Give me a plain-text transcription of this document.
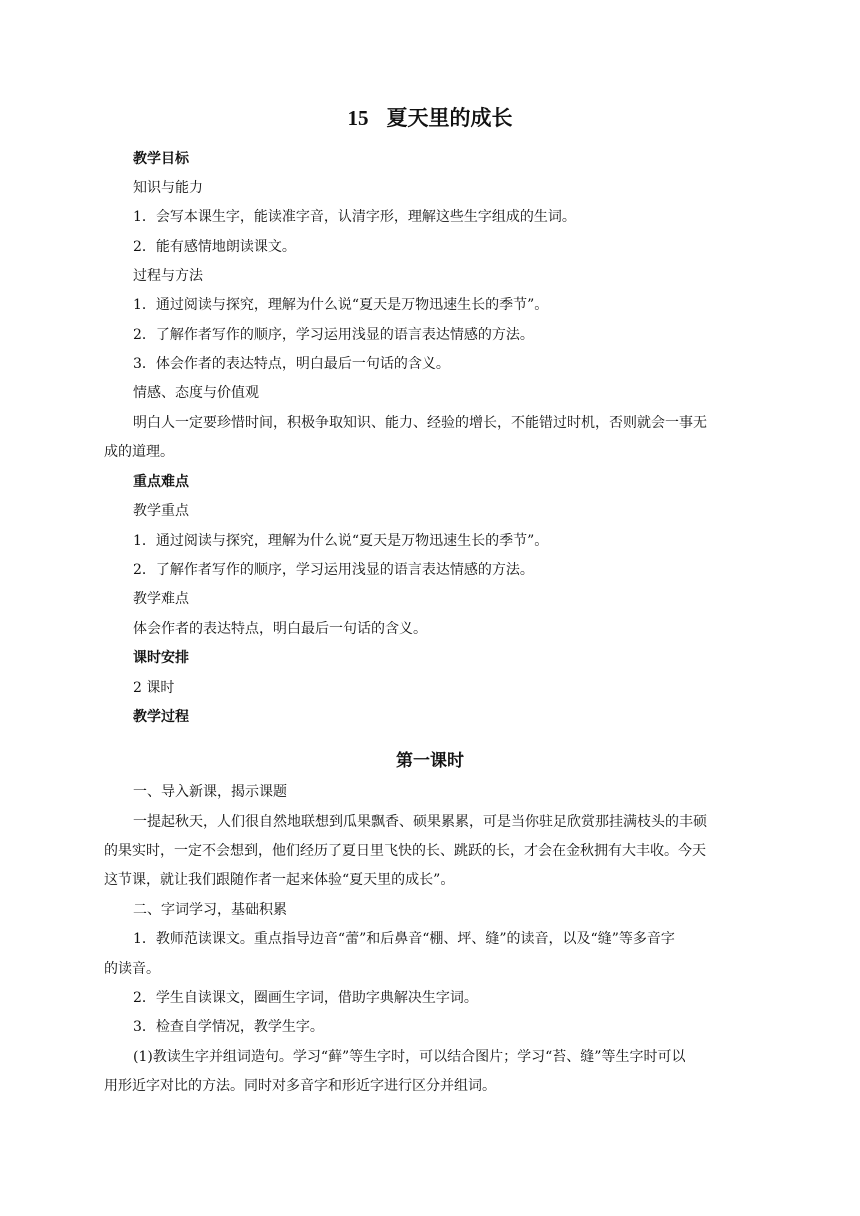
15 夏天里的成长
教学目标
知识与能力
1．会写本课生字，能读准字音，认清字形，理解这些生字组成的生词。
2．能有感情地朗读课文。
过程与方法
1．通过阅读与探究，理解为什么说“夏天是万物迅速生长的季节”。
2．了解作者写作的顺序，学习运用浅显的语言表达情感的方法。
3．体会作者的表达特点，明白最后一句话的含义。
情感、态度与价值观
明白人一定要珍惜时间，积极争取知识、能力、经验的增长，不能错过时机，否则就会一事无
成的道理。
重点难点
教学重点
1．通过阅读与探究，理解为什么说“夏天是万物迅速生长的季节”。
2．了解作者写作的顺序，学习运用浅显的语言表达情感的方法。
教学难点
体会作者的表达特点，明白最后一句话的含义。
课时安排
2 课时
教学过程
第一课时
一、导入新课，揭示课题
一提起秋天，人们很自然地联想到瓜果飘香、硕果累累，可是当你驻足欣赏那挂满枝头的丰硕
的果实时，一定不会想到，他们经历了夏日里飞快的长、跳跃的长，才会在金秋拥有大丰收。今天
这节课，就让我们跟随作者一起来体验“夏天里的成长”。
二、字词学习，基础积累
1．教师范读课文。重点指导边音“蕾”和后鼻音“棚、坪、缝”的读音，以及“缝”等多音字
的读音。
2．学生自读课文，圈画生字词，借助字典解决生字词。
3．检查自学情况，教学生字。
(1)教读生字并组词造句。学习“藓”等生字时，可以结合图片；学习“苔、缝”等生字时可以
用形近字对比的方法。同时对多音字和形近字进行区分并组词。
